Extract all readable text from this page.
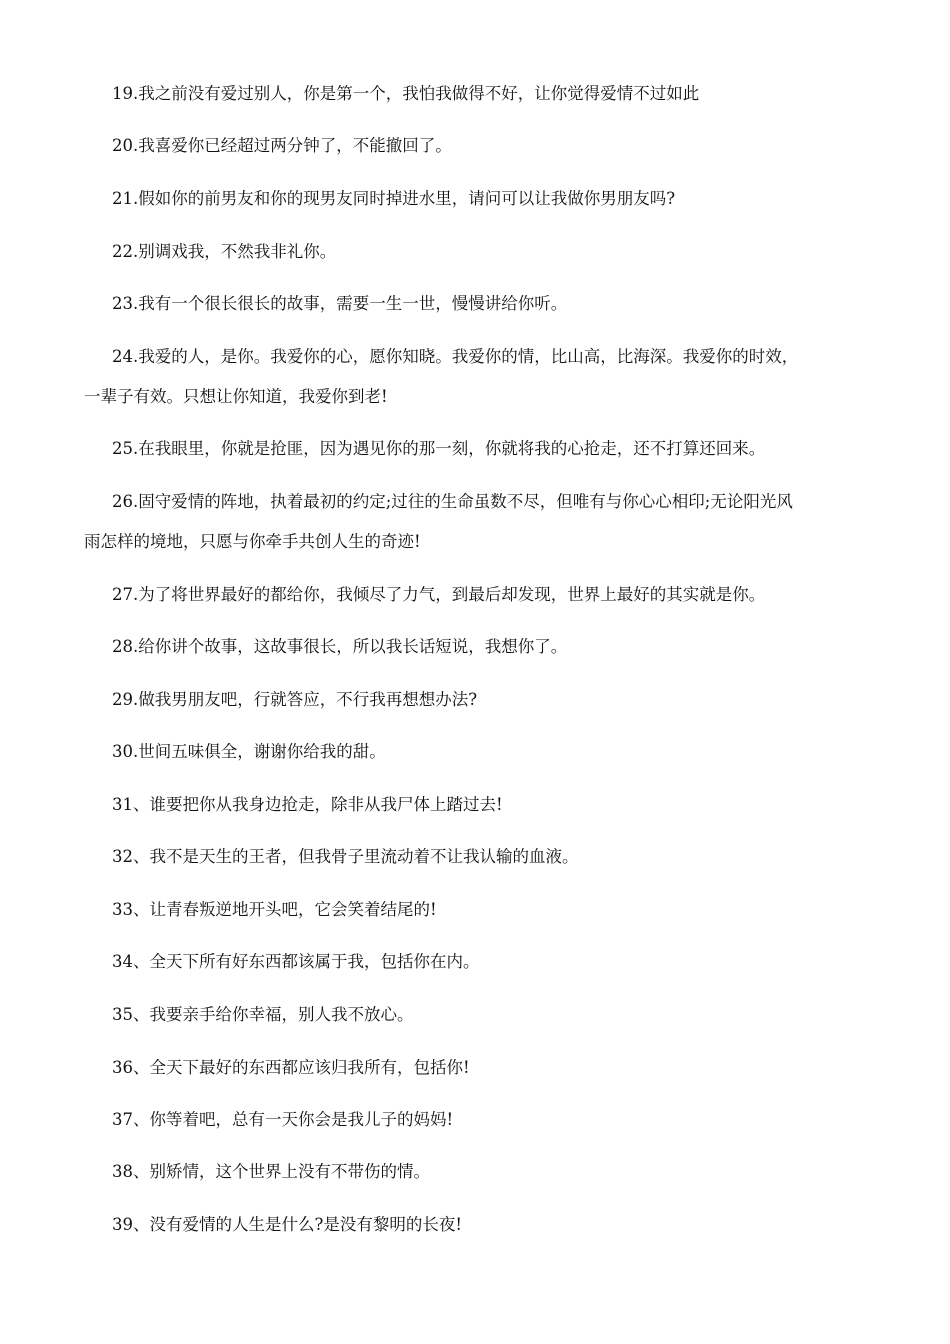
19.我之前没有爱过别人，你是第一个，我怕我做得不好，让你觉得爱情不过如此
20.我喜爱你已经超过两分钟了，不能撤回了。
21.假如你的前男友和你的现男友同时掉进水里，请问可以让我做你男朋友吗?
22.别调戏我，不然我非礼你。
23.我有一个很长很长的故事，需要一生一世，慢慢讲给你听。
24.我爱的人，是你。我爱你的心，愿你知晓。我爱你的情，比山高，比海深。我爱你的时效，
一辈子有效。只想让你知道，我爱你到老!
25.在我眼里，你就是抢匪，因为遇见你的那一刻，你就将我的心抢走，还不打算还回来。
26.固守爱情的阵地，执着最初的约定;过往的生命虽数不尽，但唯有与你心心相印;无论阳光风
雨怎样的境地，只愿与你牵手共创人生的奇迹!
27.为了将世界最好的都给你，我倾尽了力气，到最后却发现，世界上最好的其实就是你。
28.给你讲个故事，这故事很长，所以我长话短说，我想你了。
29.做我男朋友吧，行就答应，不行我再想想办法?
30.世间五味俱全，谢谢你给我的甜。
31、谁要把你从我身边抢走，除非从我尸体上踏过去!
32、我不是天生的王者，但我骨子里流动着不让我认输的血液。
33、让青春叛逆地开头吧，它会笑着结尾的!
34、全天下所有好东西都该属于我，包括你在内。
35、我要亲手给你幸福，别人我不放心。
36、全天下最好的东西都应该归我所有，包括你!
37、你等着吧，总有一天你会是我儿子的妈妈!
38、别矫情，这个世界上没有不带伤的情。
39、没有爱情的人生是什么?是没有黎明的长夜!
